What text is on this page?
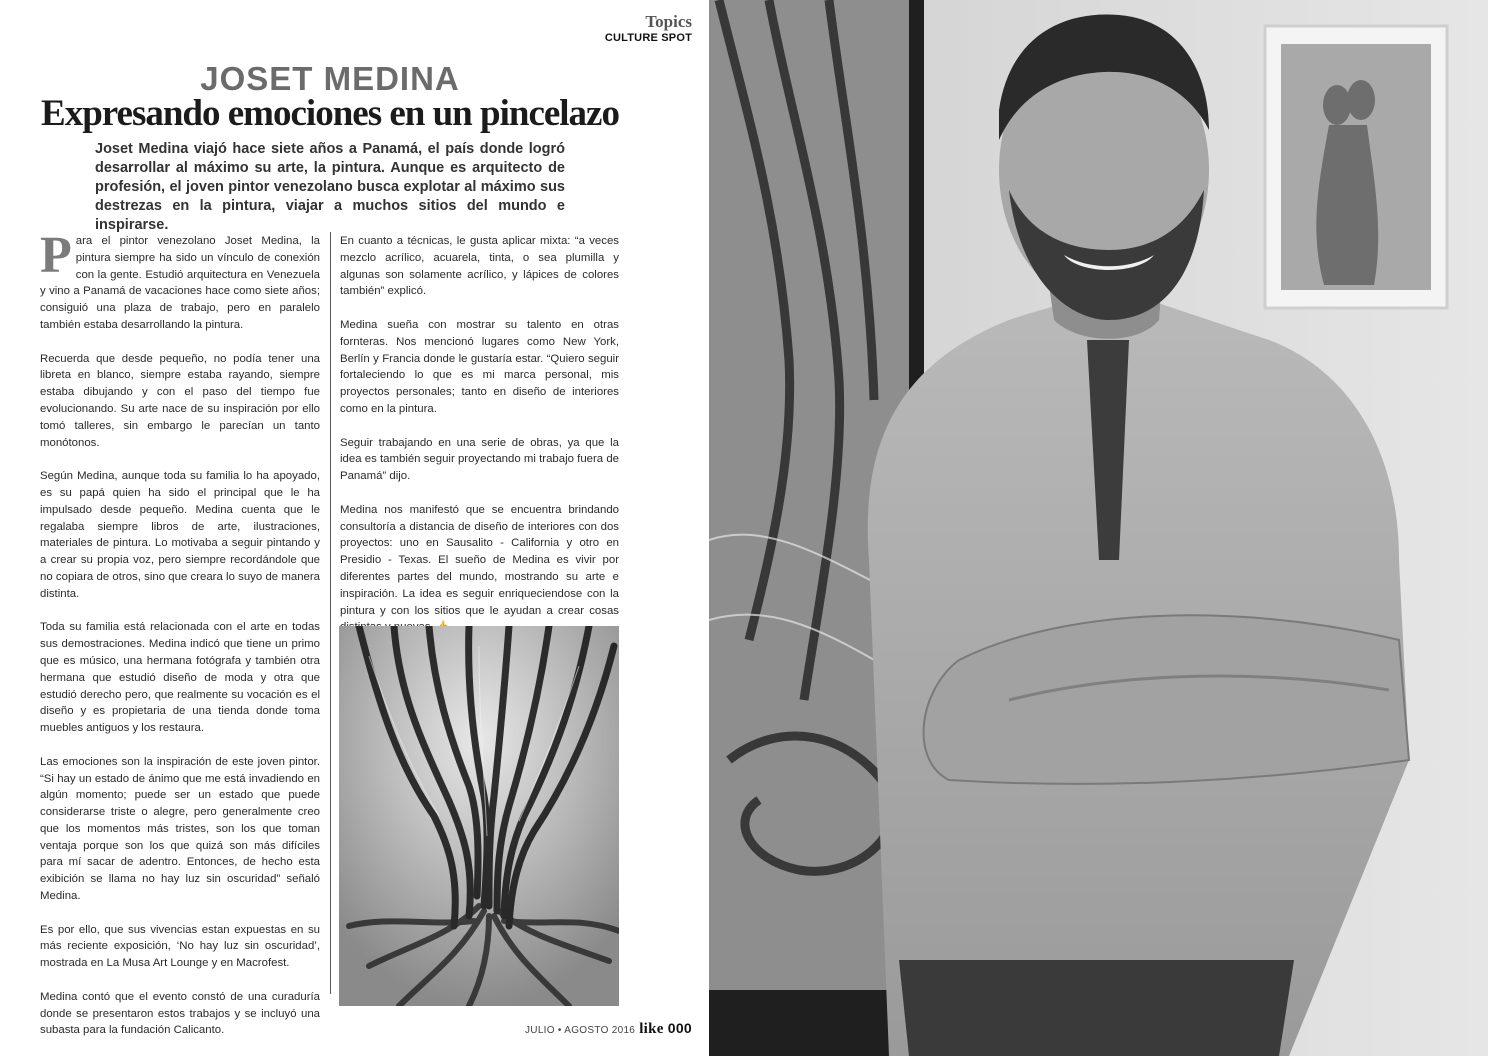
Topics
CULTURE SPOT
JOSET MEDINA
Expresando emociones en un pincelazo
Joset Medina viajó hace siete años a Panamá, el país donde logró desarrollar al máximo su arte, la pintura. Aunque es arquitecto de profesión, el joven pintor venezolano busca explotar al máximo sus destrezas en la pintura, viajar a muchos sitios del mundo e inspirarse.

Para el pintor venezolano Joset Medina, la pintura siempre ha sido un vínculo de conexión con la gente. Estudió arquitectura en Venezuela y vino a Panamá de vacaciones hace como siete años; consiguió una plaza de trabajo, pero en paralelo también estaba desarrollando la pintura.

Recuerda que desde pequeño, no podía tener una libreta en blanco, siempre estaba rayando, siempre estaba dibujando y con el paso del tiempo fue evolucionando. Su arte nace de su inspiración por ello tomó talleres, sin embargo le parecían un tanto monótonos.

Según Medina, aunque toda su familia lo ha apoyado, es su papá quien ha sido el principal que le ha impulsado desde pequeño. Medina cuenta que le regalaba siempre libros de arte, ilustraciones, materiales de pintura. Lo motivaba a seguir pintando y a crear su propia voz, pero siempre recordándole que no copiara de otros, sino que creara lo suyo de manera distinta.

Toda su familia está relacionada con el arte en todas sus demostraciones. Medina indicó que tiene un primo que es músico, una hermana fotógrafa y también otra hermana que estudió diseño de moda y otra que estudió derecho pero, que realmente su vocación es el diseño y es propietaria de una tienda donde toma muebles antiguos y los restaura.

Las emociones son la inspiración de este joven pintor. “Si hay un estado de ánimo que me está invadiendo en algún momento; puede ser un estado que puede considerarse triste o alegre, pero generalmente creo que los momentos más tristes, son los que toman ventaja porque son los que quizá son más difíciles para mí sacar de adentro. Entonces, de hecho esta exibición se llama no hay luz sin oscuridad” señaló Medina.

Es por ello, que sus vivencias estan expuestas en su más reciente exposición, ‘No hay luz sin oscuridad’, mostrada en La Musa Art Lounge y en Macrofest.

Medina contó que el evento constó de una curaduría donde se presentaron estos trabajos y se incluyó una subasta para la fundación Calicanto.

En cuanto a técnicas, le gusta aplicar mixta: “a veces mezclo acrílico, acuarela, tinta, o sea plumilla y algunas son solamente acrílico, y lápices de colores también” explicó.

Medina sueña con mostrar su talento en otras fornteras. Nos mencionó lugares como New York, Berlín y Francia donde le gustaría estar. “Quiero seguir fortaleciendo lo que es mi marca personal, mis proyectos personales; tanto en diseño de interiores como en la pintura.

Seguir trabajando en una serie de obras, ya que la idea es también seguir proyectando mi trabajo fuera de Panamá” dijo.

Medina nos manifestó que se encuentra brindando consultoría a distancia de diseño de interiores con dos proyectos: uno en Sausalito - California y otro en Presidio - Texas. El sueño de Medina es vivir por diferentes partes del mundo, mostrando su arte e inspiración. La idea es seguir enriqueciendose con la pintura y con los sitios que le ayudan a crear cosas

JULIO • AGOSTO 2016 like 000
